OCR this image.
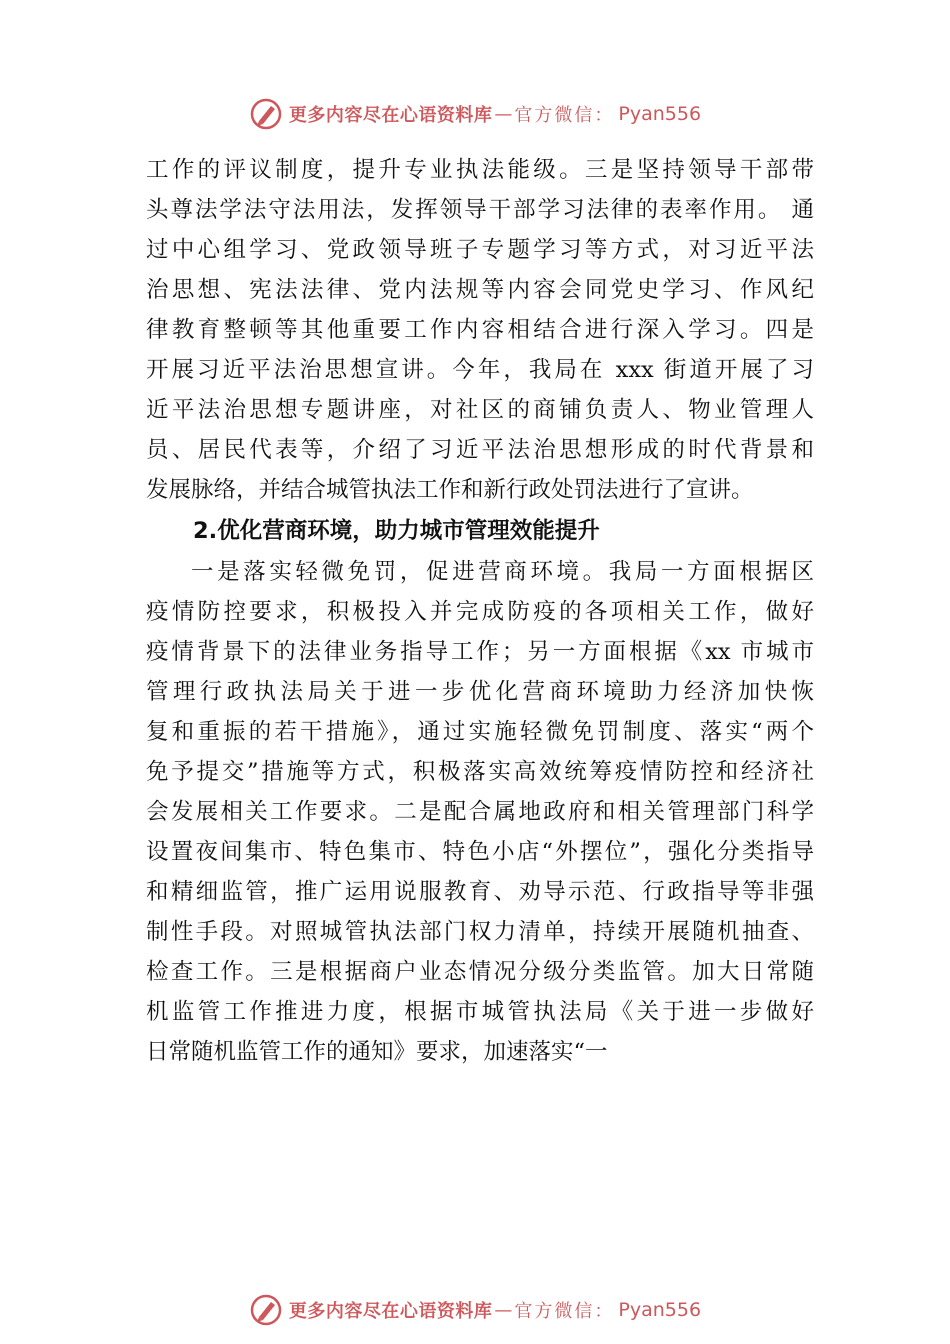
更多内容尽在心语资料库 — 官方微信： Pyan556
工作的评议制度，提升专业执法能级。三是坚持领导干部带
头尊法学法守法用法，发挥领导干部学习法律的表率作用。 通
过中心组学习、党政领导班子专题学习等方式，对习近平法
治思想、宪法法律、党内法规等内容会同党史学习、作风纪
律教育整顿等其他重要工作内容相结合进行深入学习。四是
开展习近平法治思想宣讲。今年，我局在 xxx 街道开展了习
近平法治思想专题讲座，对社区的商铺负责人、物业管理人
员、居民代表等，介绍了习近平法治思想形成的时代背景和
发展脉络，并结合城管执法工作和新行政处罚法进行了宣讲。
2.优化营商环境，助力城市管理效能提升
一是落实轻微免罚，促进营商环境。我局一方面根据区
疫情防控要求，积极投入并完成防疫的各项相关工作，做好
疫情背景下的法律业务指导工作；另一方面根据《xx 市城市
管理行政执法局关于进一步优化营商环境助力经济加快恢
复和重振的若干措施》，通过实施轻微免罚制度、落实“两个
免予提交”措施等方式，积极落实高效统筹疫情防控和经济社
会发展相关工作要求。二是配合属地政府和相关管理部门科学
设置夜间集市、特色集市、特色小店“外摆位”，强化分类指导
和精细监管，推广运用说服教育、劝导示范、行政指导等非强
制性手段。对照城管执法部门权力清单，持续开展随机抽查、
检查工作。三是根据商户业态情况分级分类监管。加大日常随
机监管工作推进力度，根据市城管执法局《关于进一步做好
日常随机监管工作的通知》要求，加速落实“一
更多内容尽在心语资料库 — 官方微信： Pyan556
